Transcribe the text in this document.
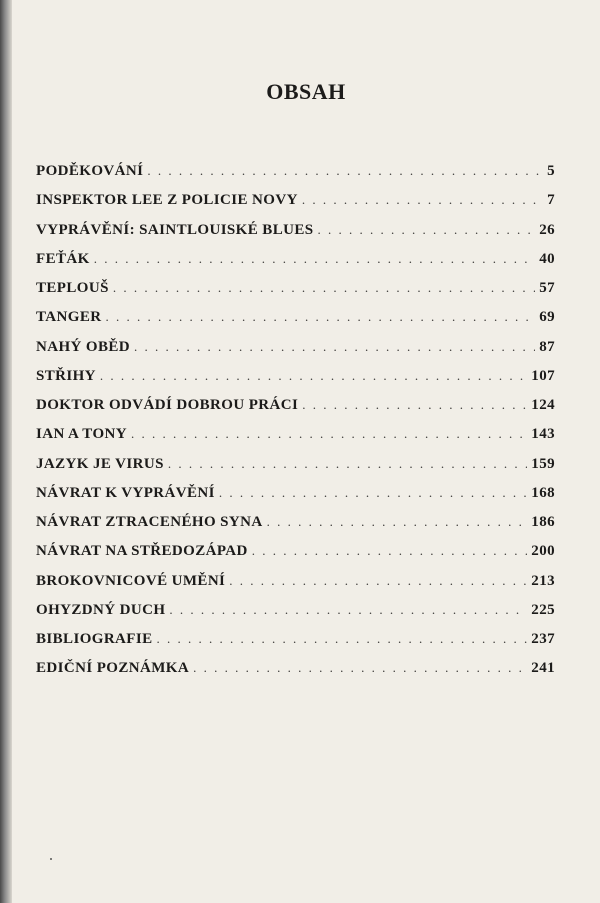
OBSAH
PODĚKOVÁNÍ . . .	5
INSPEKTOR LEE Z POLICIE NOVY . . .	7
VYPRÁVĚNÍ: SAINTLOUISKÉ BLUES . . .	26
FEŤÁK . . .	40
TEPLOUŠ . . .	57
TANGER . . .	69
NAHÝ OBĚD . . .	87
STŘIHY . . .	107
DOKTOR ODVÁDÍ DOBROU PRÁCI . . .	124
IAN A TONY . . .	143
JAZYK JE VIRUS . . .	159
NÁVRAT K VYPRÁVĚNÍ . . .	168
NÁVRAT ZTRACENÉHO SYNA . . .	186
NÁVRAT NA STŘEDOZÁPAD . . .	200
BROKOVNICOVÉ UMĚNÍ . . .	213
OHYZDNÝ DUCH . . .	225
BIBLIOGRAFIE . . .	237
EDIČNÍ POZNÁMKA . . .	241
